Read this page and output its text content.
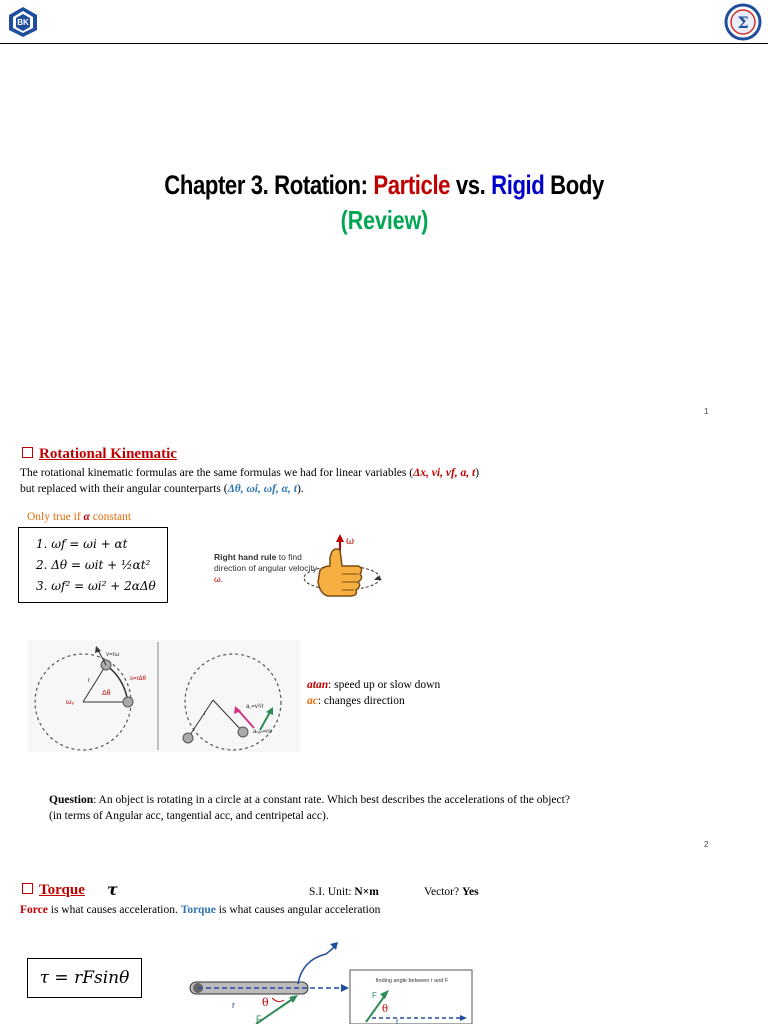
BK	Σ
Chapter 3. Rotation: Particle vs. Rigid Body
(Review)
1
Rotational Kinematic
The rotational kinematic formulas are the same formulas we had for linear variables (Δx, vi, vf, a, t)
but replaced with their angular counterparts (Δθ, ωi, ωf, α, t).
Only true if α constant
1. ωf = ωi + αt
2. Δθ = ωit + ½αt²
3. ωf² = ωi² + 2αΔθ
Right hand rule to find direction of angular velocity ω.
ω
v=rω
s=rΔθ
Δθ
ω₀
r
a꜀=v²/r
aₜₐₙ=rα
r
atan: speed up or slow down
ac: changes direction
Question: An object is rotating in a circle at a constant rate. Which best describes the accelerations of the object? (in terms of Angular acc, tangential acc, and centripetal acc).
2
Torque τ	S.I. Unit: N×m	Vector? Yes
Force is what causes acceleration. Torque is what causes angular acceleration
τ = rFsinθ
θ
r
F
finding angle between r and F
F
θ
r
